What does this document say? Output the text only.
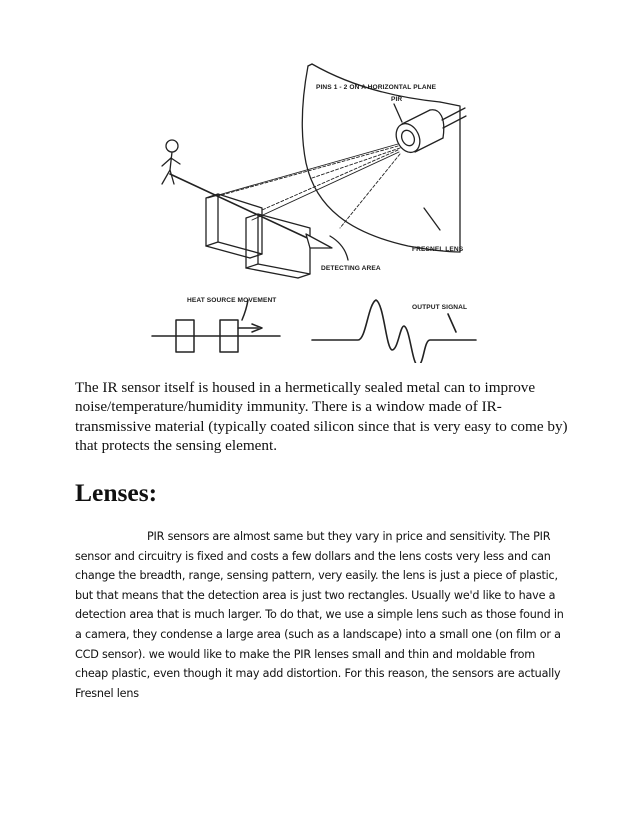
PINS 1 - 2 ON A HORIZONTAL PLANE
PIR
FRESNEL LENS
DETECTING AREA
HEAT SOURCE MOVEMENT
OUTPUT SIGNAL

The IR sensor itself is housed in a hermetically sealed metal can to improve noise/temperature/humidity immunity. There is a window made of IR-transmissive material (typically coated silicon since that is very easy to come by) that protects the sensing element.

Lenses:

PIR sensors are almost same but they vary in price and sensitivity. The PIR sensor and circuitry is fixed and costs a few dollars and the lens costs very less and can change the breadth, range, sensing pattern, very easily. the lens is just a piece of plastic, but that means that the detection area is just two rectangles. Usually we'd like to have a detection area that is much larger. To do that, we use a simple lens such as those found in a camera, they condense a large area (such as a landscape) into a small one (on film or a CCD sensor). we would like to make the PIR lenses small and thin and moldable from cheap plastic, even though it may add distortion. For this reason, the sensors are actually Fresnel lens
